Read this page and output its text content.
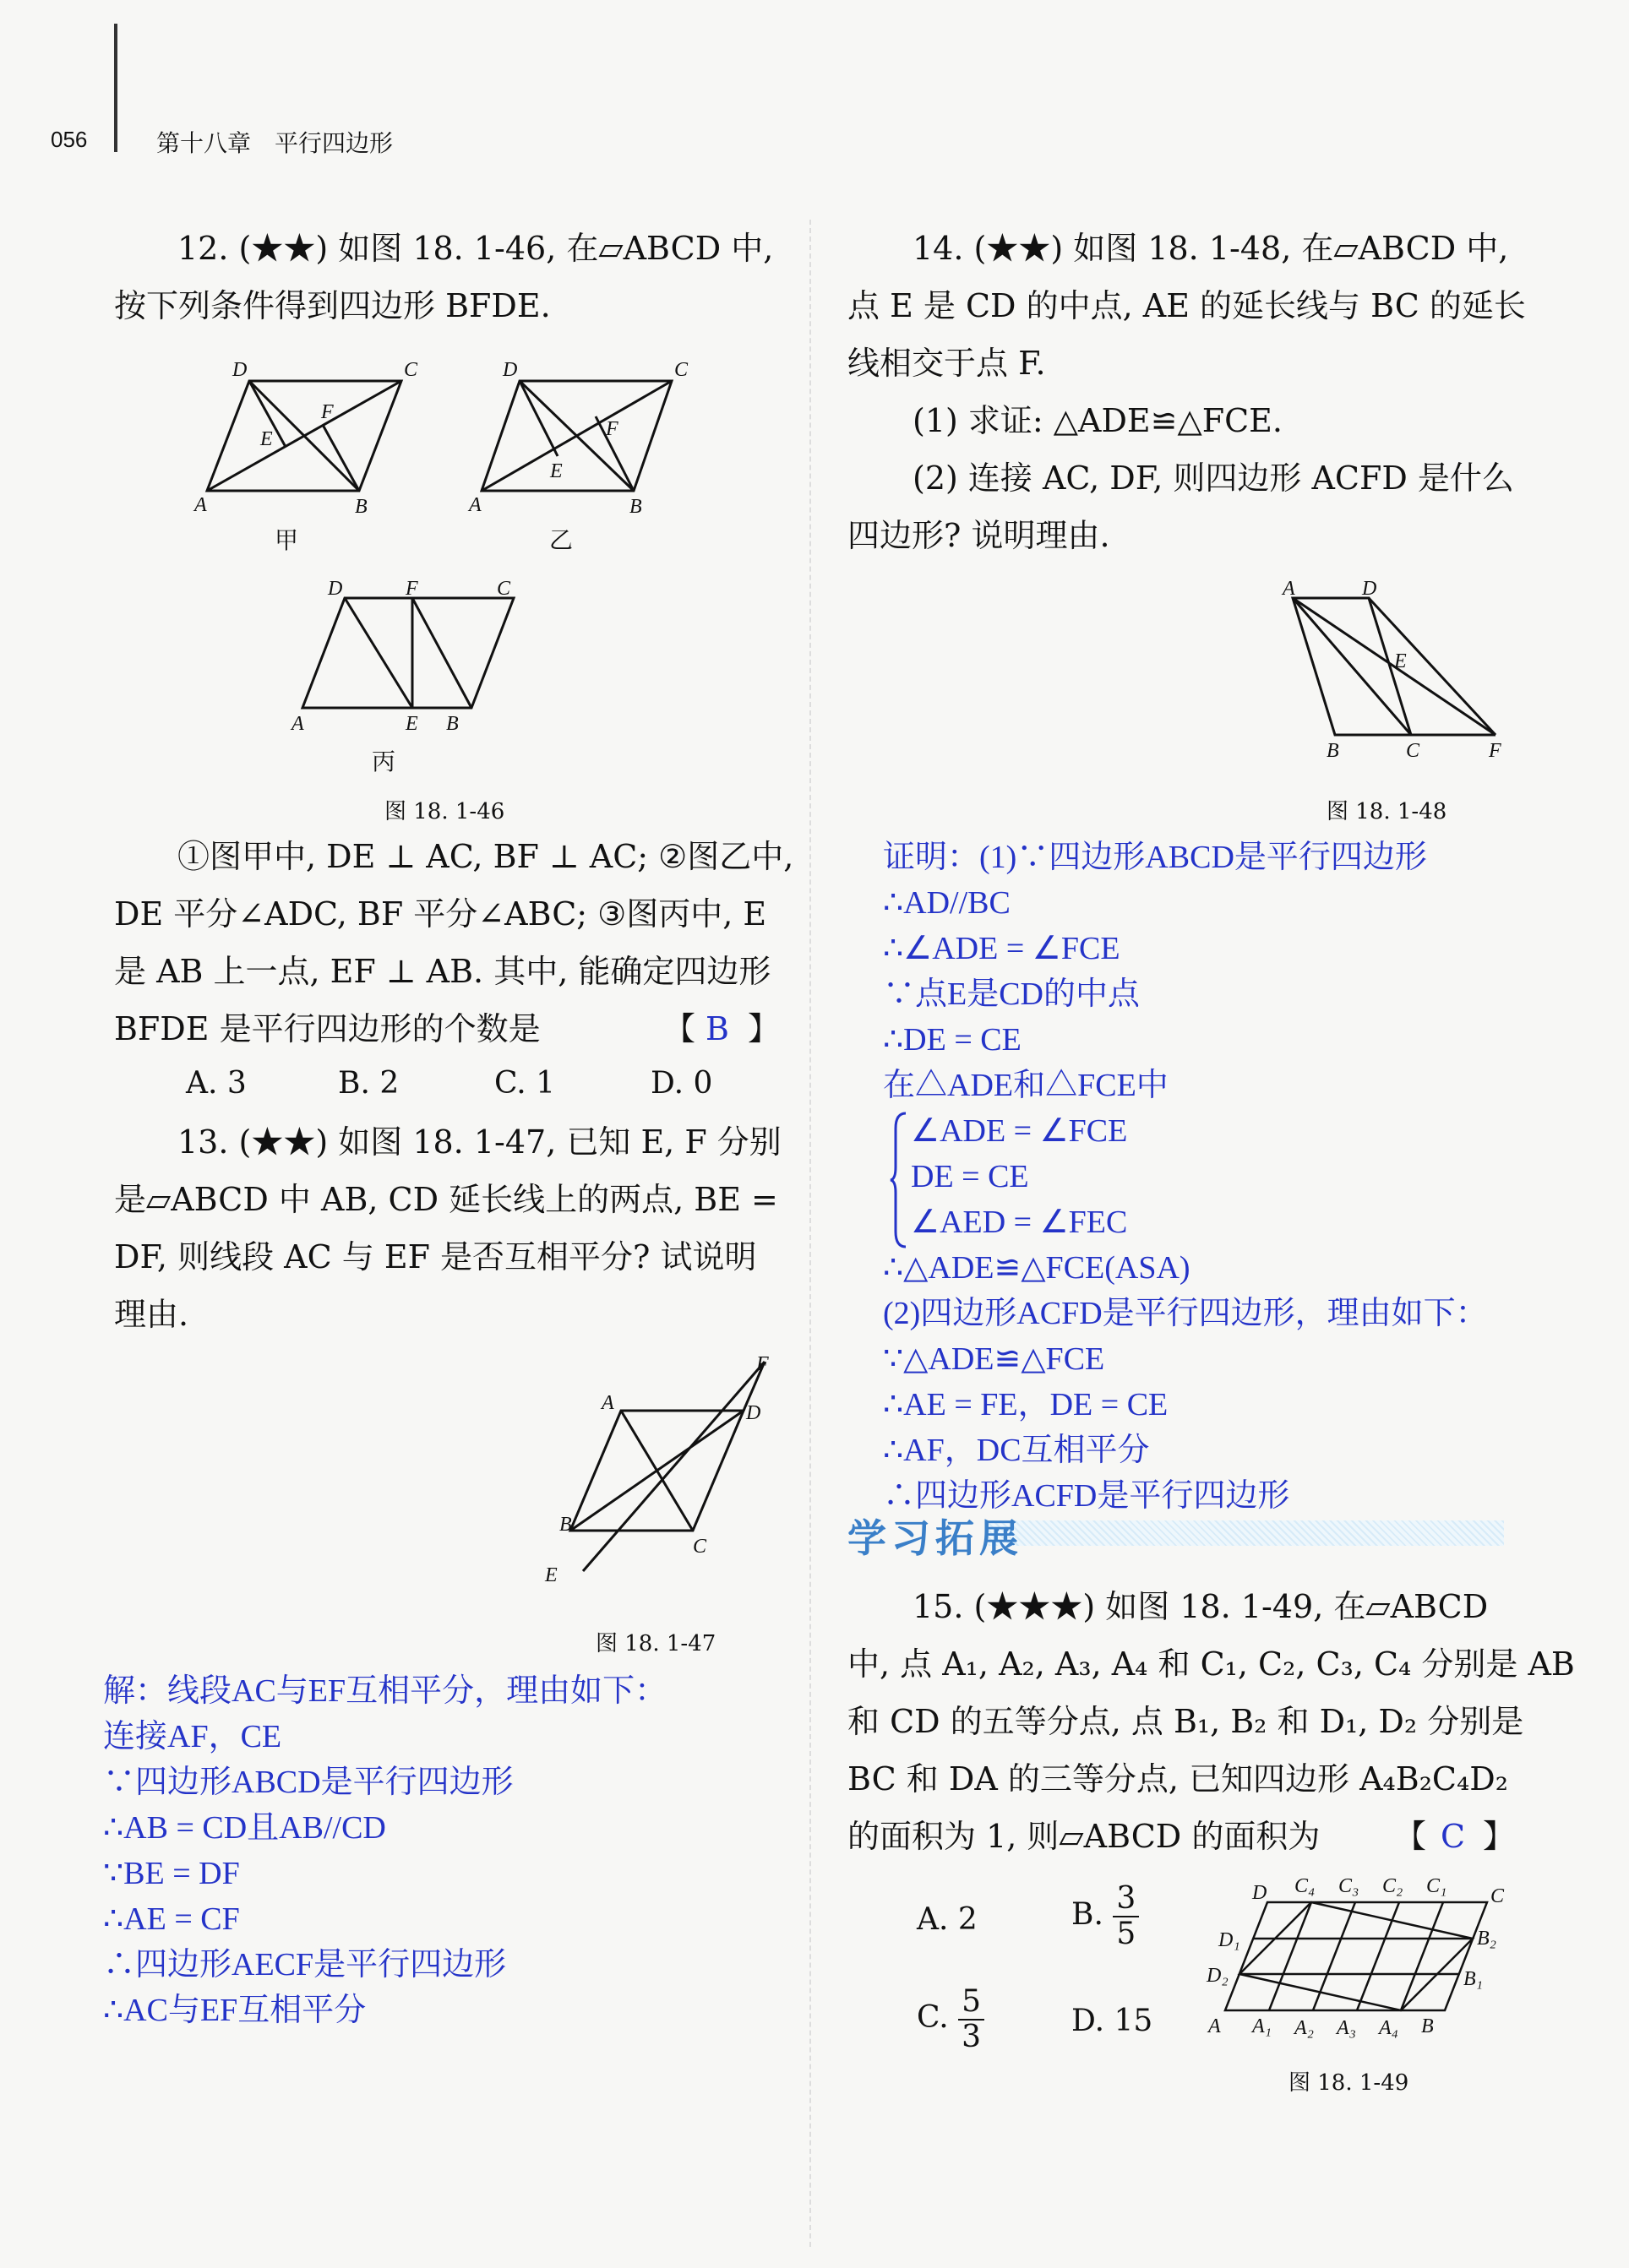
056	第十八章　平行四边形
12. (★★) 如图 18. 1-46, 在▱ABCD 中,
按下列条件得到四边形 BFDE.
D	C
A	B
F
E
甲
D	C
A	B
F
E
乙
D	F	C
A	E B
丙
图 18. 1-46
①图甲中, DE ⊥ AC, BF ⊥ AC; ②图乙中,
DE 平分∠ADC, BF 平分∠ABC; ③图丙中, E
是 AB 上一点, EF ⊥ AB. 其中, 能确定四边形
BFDE 是平行四边形的个数是	【 B 】
A. 3	B. 2	C. 1	D. 0
13. (★★) 如图 18. 1-47, 已知 E, F 分别
是▱ABCD 中 AB, CD 延长线上的两点, BE =
DF, 则线段 AC 与 EF 是否互相平分? 试说明
理由.
A	D
F
B
C
E
图 18. 1-47
解：线段AC与EF互相平分，理由如下：
连接AF，CE
∵四边形ABCD是平行四边形
∴AB = CD且AB//CD
∵BE = DF
∴AE = CF
∴四边形AECF是平行四边形
∴AC与EF互相平分
14. (★★) 如图 18. 1-48, 在▱ABCD 中,
点 E 是 CD 的中点, AE 的延长线与 BC 的延长
线相交于点 F.
(1) 求证: △ADE≌△FCE.
(2) 连接 AC, DF, 则四边形 ACFD 是什么
四边形? 说明理由.
A	D
E
B	C	F
图 18. 1-48
证明：(1)∵四边形ABCD是平行四边形
∴AD//BC
∴∠ADE = ∠FCE
∵点E是CD的中点
∴DE = CE
在△ADE和△FCE中
∠ADE = ∠FCE
DE = CE
∠AED = ∠FEC
∴△ADE≌△FCE(ASA)
(2)四边形ACFD是平行四边形，理由如下：
∵△ADE≌△FCE
∴AE = FE，DE = CE
∴AF，DC互相平分
∴四边形ACFD是平行四边形
学习拓展
15. (★★★) 如图 18. 1-49, 在▱ABCD
中, 点 A₁, A₂, A₃, A₄ 和 C₁, C₂, C₃, C₄ 分别是 AB
和 CD 的五等分点, 点 B₁, B₂ 和 D₁, D₂ 分别是
BC 和 DA 的三等分点, 已知四边形 A₄B₂C₄D₂
的面积为 1, 则▱ABCD 的面积为 【 C 】
A. 2	B. $\frac{3}{5}$
C. $\frac{5}{3}$	D. 15
D C₄ C₃ C₂ C₁ C
D₁
D₂
B₂
B₁
A A₁ A₂ A₃ A₄ B
图 18. 1-49
